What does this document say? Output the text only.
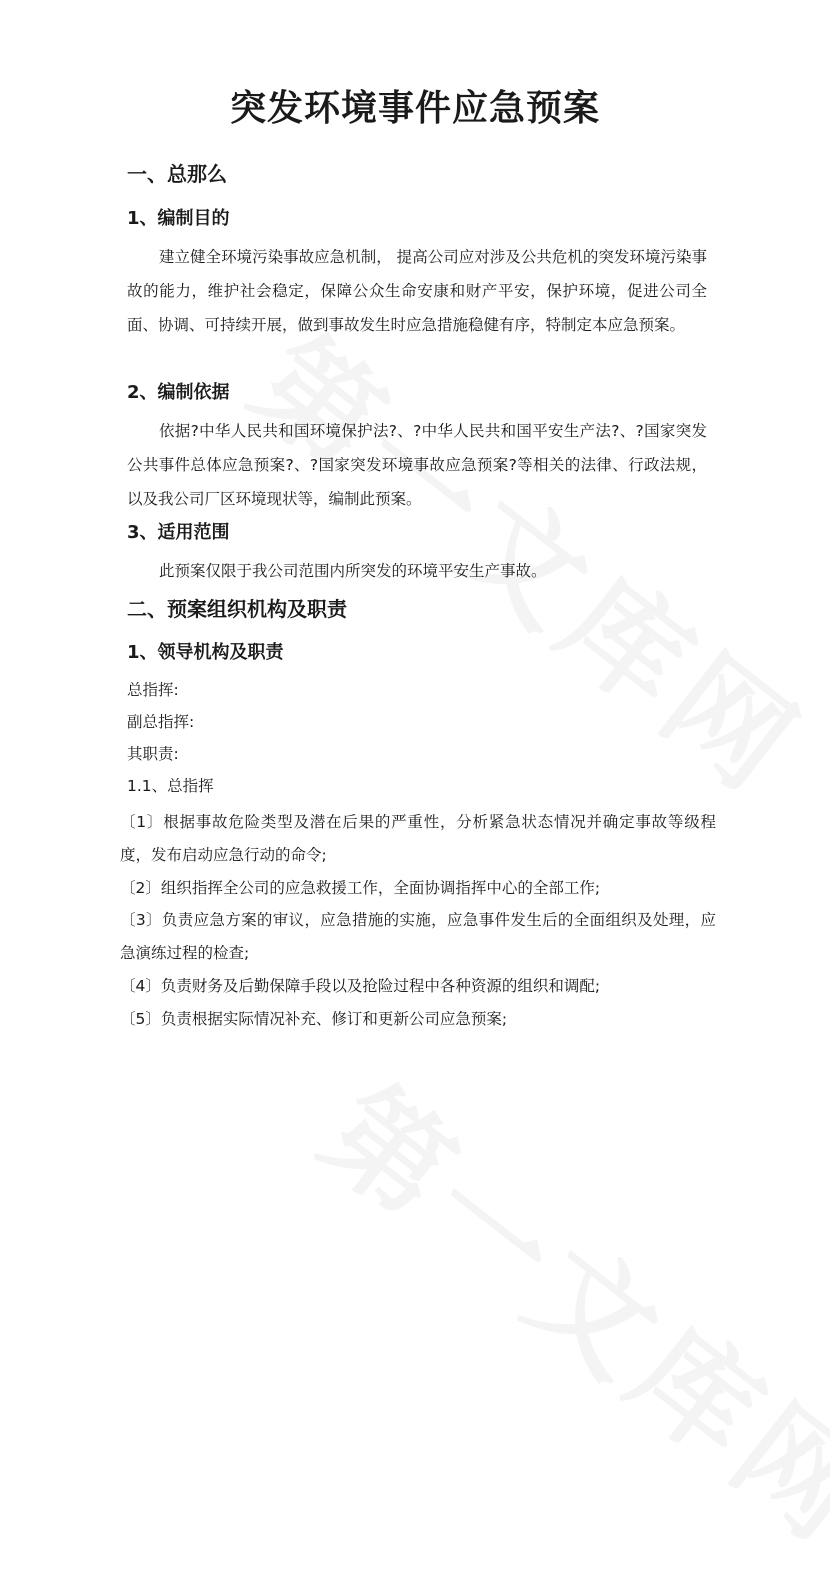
突发环境事件应急预案
一、总那么
1、编制目的
建立健全环境污染事故应急机制， 提高公司应对涉及公共危机的突发环境污染事故的能力，维护社会稳定，保障公众生命安康和财产平安，保护环境，促进公司全面、协调、可持续开展，做到事故发生时应急措施稳健有序，特制定本应急预案。
2、编制依据
依据?中华人民共和国环境保护法?、?中华人民共和国平安生产法?、?国家突发公共事件总体应急预案?、?国家突发环境事故应急预案?等相关的法律、行政法规，以及我公司厂区环境现状等，编制此预案。
3、适用范围
此预案仅限于我公司范围内所突发的环境平安生产事故。
二、预案组织机构及职责
1、领导机构及职责
总指挥:
副总指挥:
其职责:
1.1、总指挥
〔1〕根据事故危险类型及潜在后果的严重性，分析紧急状态情况并确定事故等级程度，发布启动应急行动的命令;
〔2〕组织指挥全公司的应急救援工作，全面协调指挥中心的全部工作;
〔3〕负责应急方案的审议，应急措施的实施，应急事件发生后的全面组织及处理，应急演练过程的检查;
〔4〕负责财务及后勤保障手段以及抢险过程中各种资源的组织和调配;
〔5〕负责根据实际情况补充、修订和更新公司应急预案;
